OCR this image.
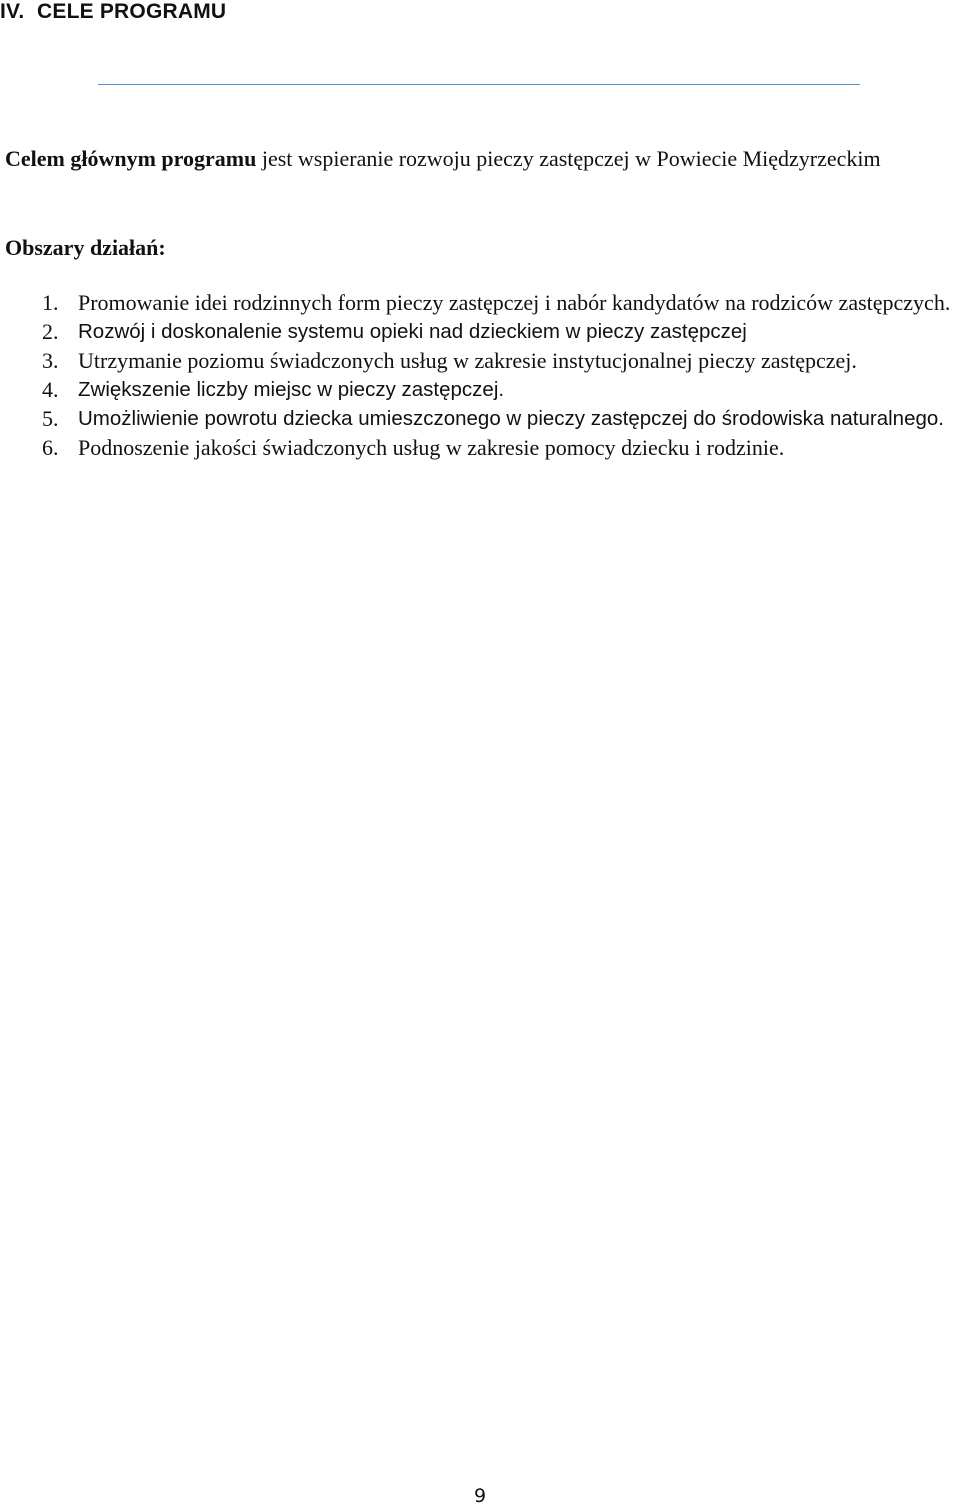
IV. CELE PROGRAMU

Celem głównym programu jest wspieranie rozwoju pieczy zastępczej w Powiecie Międzyrzeckim

Obszary działań:

1. Promowanie idei rodzinnych form pieczy zastępczej i nabór kandydatów na rodziców zastępczych.
2. Rozwój i doskonalenie systemu opieki nad dzieckiem w pieczy zastępczej
3. Utrzymanie poziomu świadczonych usług w zakresie instytucjonalnej pieczy zastępczej.
4. Zwiększenie liczby miejsc w pieczy zastępczej.
5. Umożliwienie powrotu dziecka umieszczonego w pieczy zastępczej do środowiska naturalnego.
6. Podnoszenie jakości świadczonych usług w zakresie pomocy dziecku i rodzinie.

9
